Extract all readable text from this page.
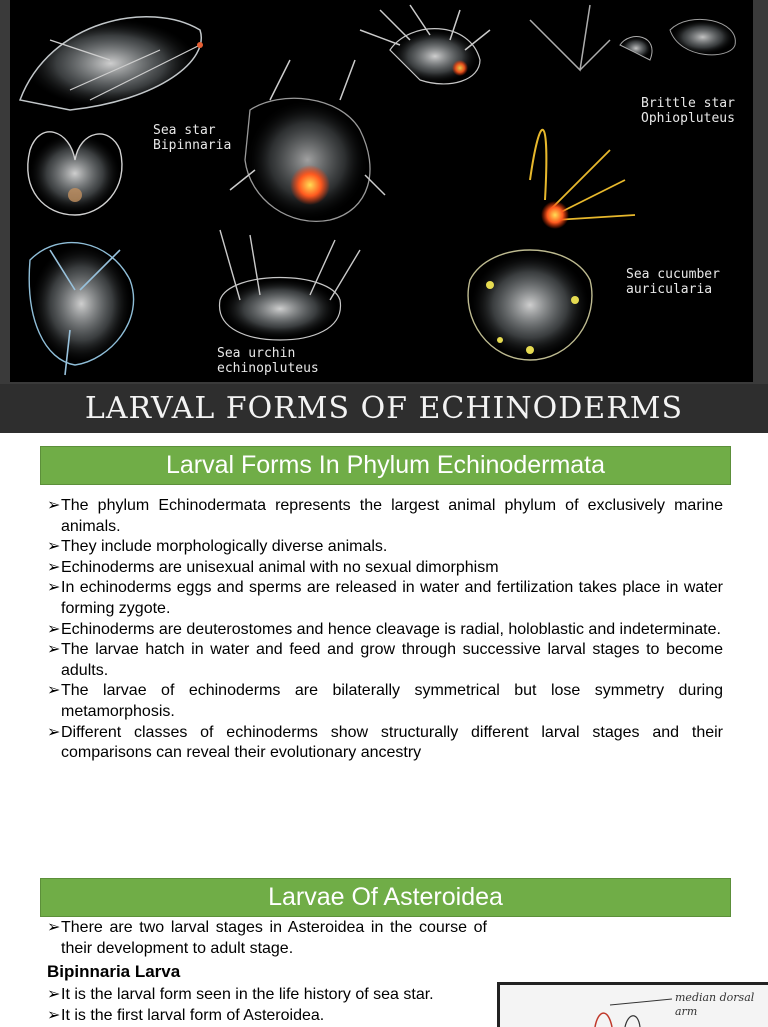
Sea star
Bipinnaria
Brittle star
Ophiopluteus
Sea cucumber
auricularia
Sea urchin
echinopluteus
LARVAL FORMS OF ECHINODERMS
Larval Forms In Phylum Echinodermata
➢ The phylum Echinodermata represents the largest animal phylum of exclusively marine animals.
➢ They include morphologically diverse animals.
➢ Echinoderms are unisexual animal with no sexual dimorphism
➢ In echinoderms eggs and sperms are released in water and fertilization takes place in water forming zygote.
➢ Echinoderms are deuterostomes and hence cleavage is radial, holoblastic and indeterminate.
➢ The larvae hatch in water and feed and grow through successive larval stages to become adults.
➢ The larvae of echinoderms are bilaterally symmetrical but lose symmetry during metamorphosis.
➢ Different classes of echinoderms show structurally different larval stages and their comparisons can reveal their evolutionary ancestry
Larvae Of Asteroidea
➢ There are two larval stages in Asteroidea in the course of their development to adult stage.
Bipinnaria Larva
➢ It is the larval form seen in the life history of sea star.
➢ It is the first larval form of Asteroidea.
median dorsal
arm
